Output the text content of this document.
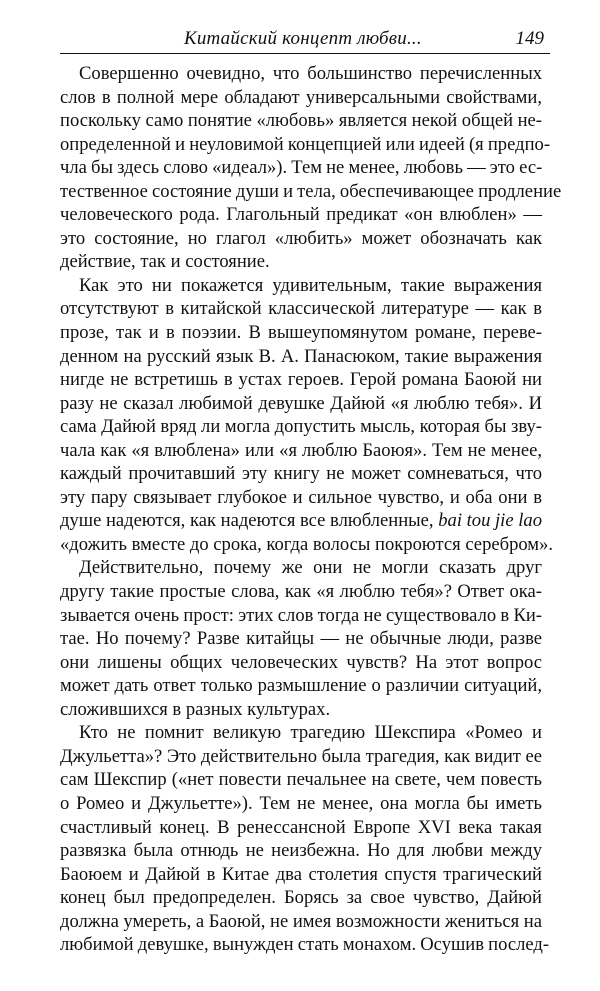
Китайский концепт любви...	149
Совершенно очевидно, что большинство перечисленных
слов в полной мере обладают универсальными свойствами,
поскольку само понятие «любовь» является некой общей не-
определенной и неуловимой концепцией или идеей (я предпо-
чла бы здесь слово «идеал»). Тем не менее, любовь — это ес-
тественное состояние души и тела, обеспечивающее продление
человеческого рода. Глагольный предикат «он влюблен» —
это состояние, но глагол «любить» может обозначать как
действие, так и состояние.
Как это ни покажется удивительным, такие выражения
отсутствуют в китайской классической литературе — как в
прозе, так и в поэзии. В вышеупомянутом романе, переве-
денном на русский язык В. А. Панасюком, такие выражения
нигде не встретишь в устах героев. Герой романа Баоюй ни
разу не сказал любимой девушке Дайюй «я люблю тебя». И
сама Дайюй вряд ли могла допустить мысль, которая бы зву-
чала как «я влюблена» или «я люблю Баоюя». Тем не менее,
каждый прочитавший эту книгу не может сомневаться, что
эту пару связывает глубокое и сильное чувство, и оба они в
душе надеются, как надеются все влюбленные, bai tou jie lao
«дожить вместе до срока, когда волосы покроются серебром».
Действительно, почему же они не могли сказать друг
другу такие простые слова, как «я люблю тебя»? Ответ ока-
зывается очень прост: этих слов тогда не существовало в Ки-
тае. Но почему? Разве китайцы — не обычные люди, разве
они лишены общих человеческих чувств? На этот вопрос
может дать ответ только размышление о различии ситуаций,
сложившихся в разных культурах.
Кто не помнит великую трагедию Шекспира «Ромео и
Джульетта»? Это действительно была трагедия, как видит ее
сам Шекспир («нет повести печальнее на свете, чем повесть
о Ромео и Джульетте»). Тем не менее, она могла бы иметь
счастливый конец. В ренессансной Европе XVI века такая
развязка была отнюдь не неизбежна. Но для любви между
Баоюем и Дайюй в Китае два столетия спустя трагический
конец был предопределен. Борясь за свое чувство, Дайюй
должна умереть, а Баоюй, не имея возможности жениться на
любимой девушке, вынужден стать монахом. Осушив послед-
